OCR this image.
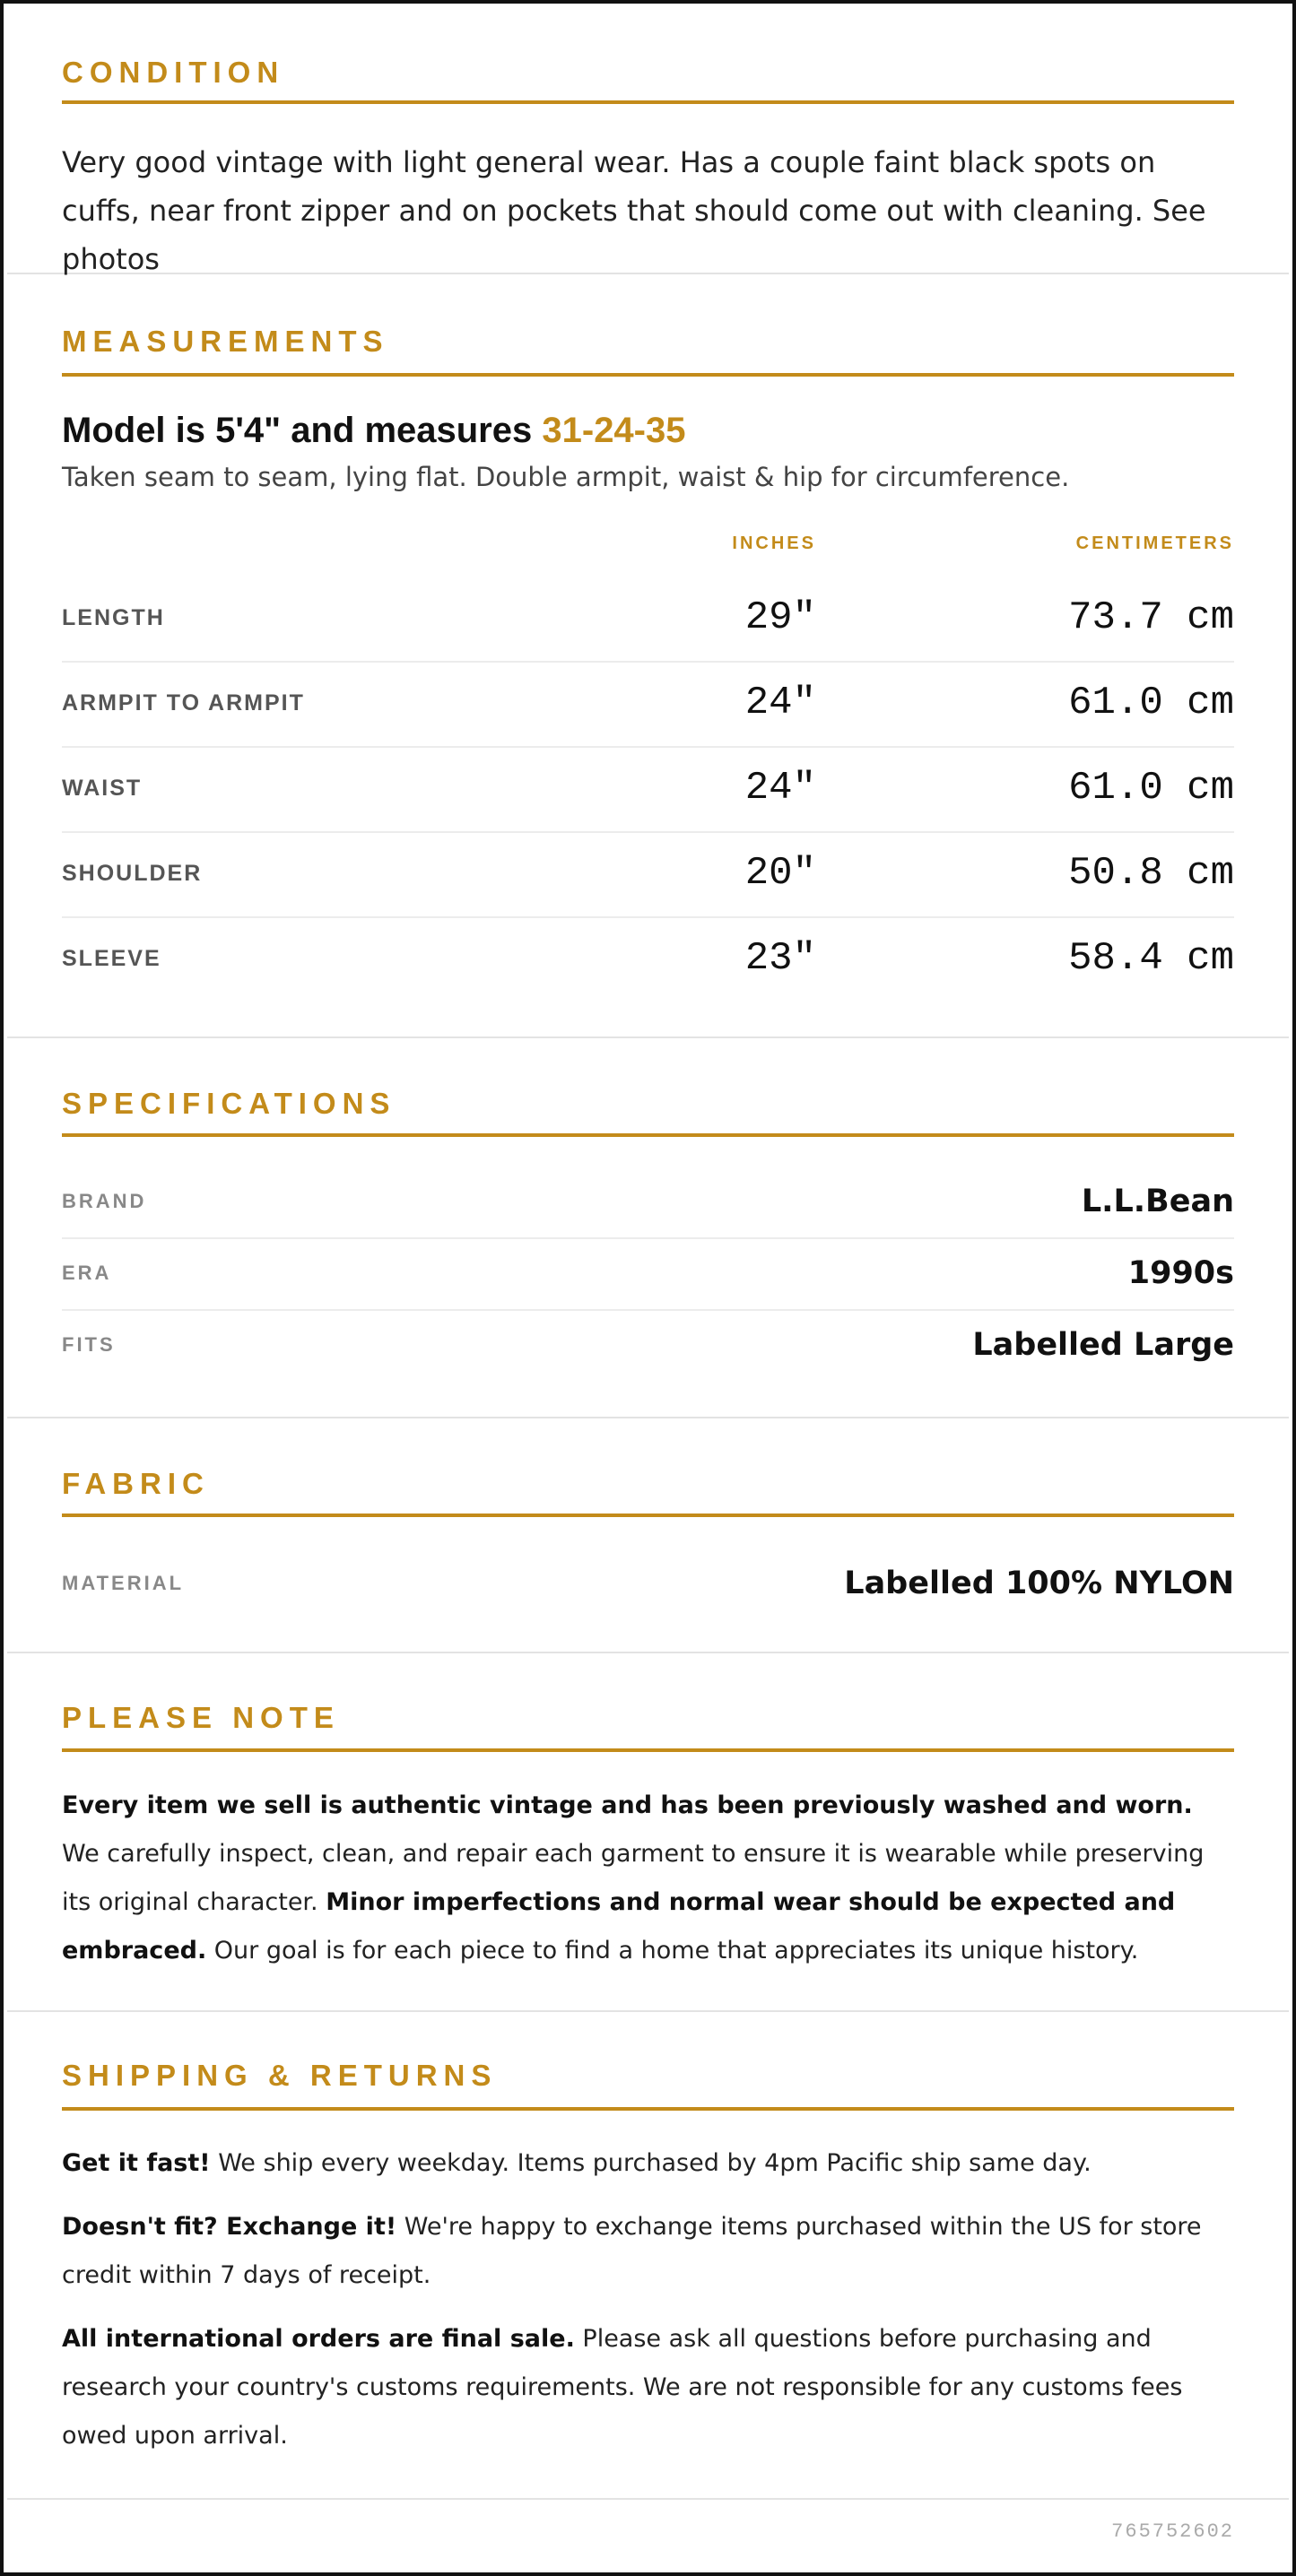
CONDITION
Very good vintage with light general wear. Has a couple faint black spots on cuffs, near front zipper and on pockets that should come out with cleaning. See photos
MEASUREMENTS
Model is 5'4" and measures 31-24-35
Taken seam to seam, lying flat. Double armpit, waist & hip for circumference.
INCHES	CENTIMETERS
LENGTH	29"	73.7 cm
ARMPIT TO ARMPIT	24"	61.0 cm
WAIST	24"	61.0 cm
SHOULDER	20"	50.8 cm
SLEEVE	23"	58.4 cm
SPECIFICATIONS
BRAND	L.L.Bean
ERA	1990s
FITS	Labelled Large
FABRIC
MATERIAL	Labelled 100% NYLON
PLEASE NOTE
Every item we sell is authentic vintage and has been previously washed and worn. We carefully inspect, clean, and repair each garment to ensure it is wearable while preserving its original character. Minor imperfections and normal wear should be expected and embraced. Our goal is for each piece to find a home that appreciates its unique history.
SHIPPING & RETURNS
Get it fast! We ship every weekday. Items purchased by 4pm Pacific ship same day.
Doesn't fit? Exchange it! We're happy to exchange items purchased within the US for store credit within 7 days of receipt.
All international orders are final sale. Please ask all questions before purchasing and research your country's customs requirements. We are not responsible for any customs fees owed upon arrival.
765752602
